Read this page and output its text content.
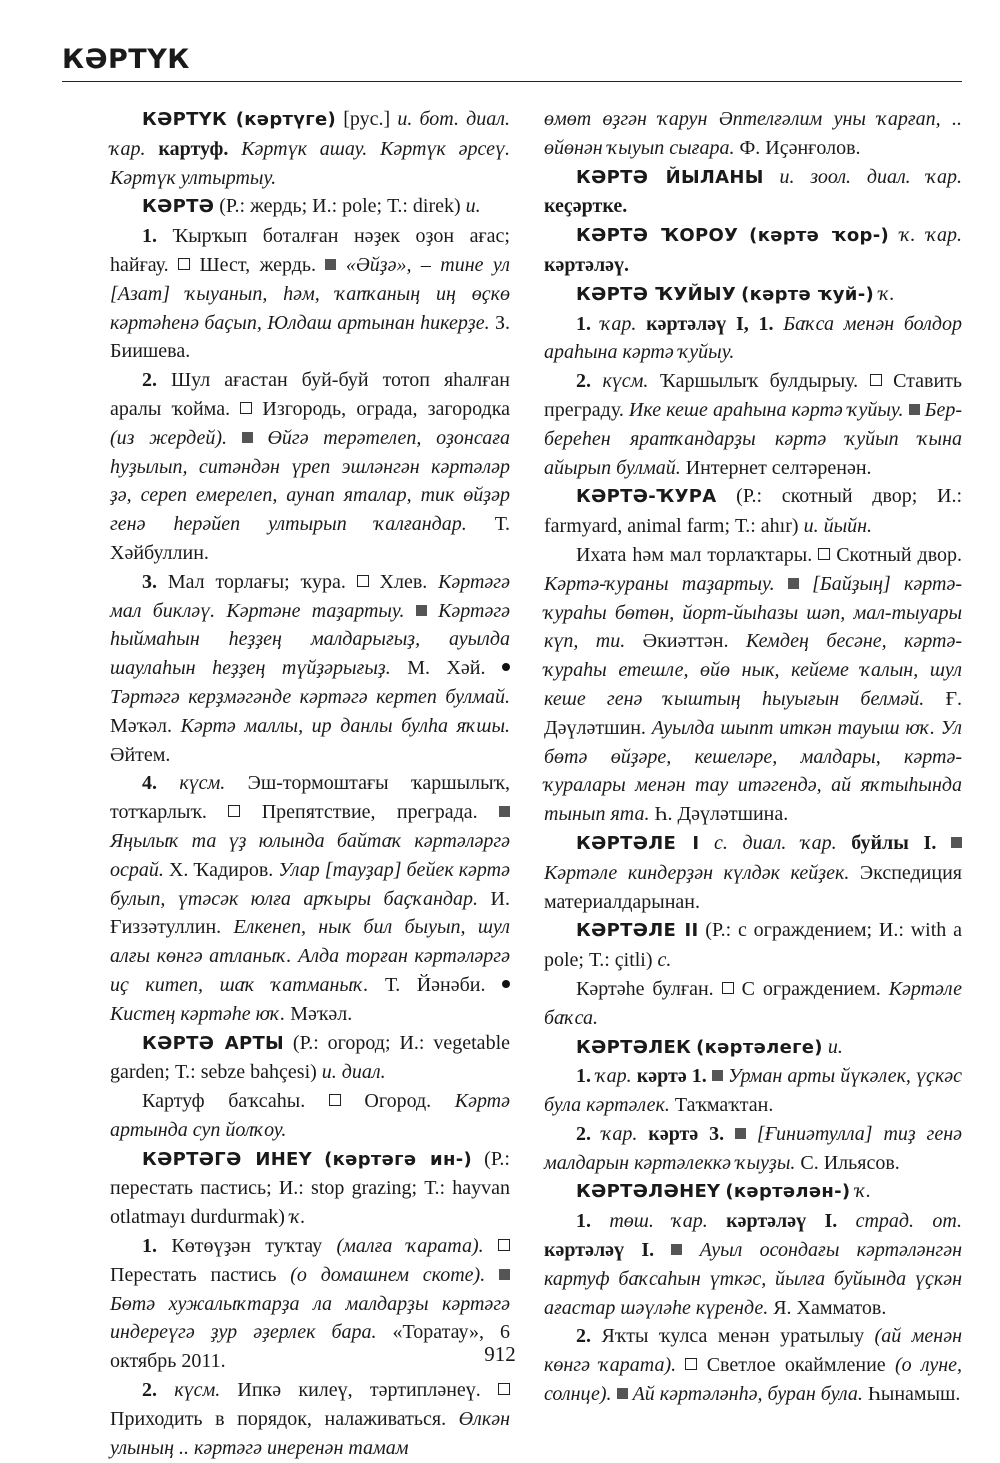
КӘРТҮК

КӘРТҮК (кәртүге) [рус.] и. бот. диал. ҡар. картуф. Кәртүк ашау. Кәртүк әрсеү. Кәртүк ултыртыу.

КӘРТӘ (Р.: жердь; И.: pole; Т.: direk) и.

1. Ҡырҡып боталған нәҙек оҙон ағас; һайғау.  Шест, жердь.  «Әйҙә», – тине ул [Азат] ҡыуанып, һәм, ҡапҡаның иң өҫкө кәртәһенә баҫып, Юлдаш артынан һикерҙе. З. Биишева.

2. Шул ағастан буй-буй тотоп яһалған аралы ҡойма.  Изгородь, ограда, загородка (из жердей). Өйгә терәтелеп, оҙонсаға һуҙылып, ситәндән үреп эшләнгән кәртәләр ҙә, сереп емерелеп, аунап яталар, тик өйҙәр генә һерәйеп ултырып ҡалғандар. Т. Хәйбуллин.

3. Мал торлағы; ҡура.  Хлев. Кәртәгә мал бикләү. Кәртәне таҙартыу. Кәртәгә һыймаһын һеҙҙең малдарығыҙ, ауылда шаулаһын һеҙҙең түйҙәрығыҙ. М. Хәй.  Тәртәгә керҙмәгәнде кәртәгә кертеп булмай. Мәҡәл. Кәртә маллы, ир данлы булһа яҡшы. Әйтем.

4. күсм. Эш-тормоштағы ҡаршылыҡ, тотҡарлыҡ.  Препятствие, преграда.  Яңылыҡ та үҙ юлында байтаҡ кәртәләргә осрай. Х. Ҡадиров. Улар [тауҙар] бейек кәртә булып, үтәсәк юлға арҡыры баҫҡандар. И. Ғиззәтуллин. Елкенеп, нык бил быуып, шул алғы көнгә атланыҡ. Алда торған кәртәләргә иҫ китеп, шаҡ ҡатманыҡ. Т. Йәнәби.  Кистең кәртәһе юҡ. Мәҡәл.

КӘРТӘ АРТЫ (Р.: огород; И.: vegetable garden; Т.: sebze bahçesi) и. диал.

Картуф баҡсаһы.  Огород. Кәртә артында суп йолҡоу.

КӘРТӘГӘ ИНЕҮ (кәртәгә ин-) (Р.: перестать пастись; И.: stop grazing; Т.: hayvan otlatmayı durdurmak) ҡ.

1. Көтөүҙән туҡтау (малға ҡарата).  Перестать пастись (о домашнем скоте).  Бөтә хужалыҡтарҙа ла малдарҙы кәртәгә индереүгә ҙур әҙерлек бара. «Торатау», 6 октябрь 2011.

2. күсм. Ипкә килеү, тәртипләнеү.  Приходить в порядок, налаживаться. Өлкән улының .. кәртәгә инеренән тамам

өмөт өҙгән ҡарун Әптелғәлим уны ҡарғап, .. өйөнән ҡыуып сығара. Ф. Иҫәнғолов.

КӘРТӘ ЙЫЛАНЫ и. зоол. диал. ҡар. кеҫәртке.

КӘРТӘ ҠОРОУ (кәртә ҡор-) ҡ. ҡар. кәртәләү.

КӘРТӘ ҠУЙЫУ (кәртә ҡуй-) ҡ.

1. ҡар. кәртәләү I, 1. Баҡса менән болдор араһына кәртә ҡуйыу.

2. күсм. Ҡаршылыҡ булдырыу.  Ставить преграду. Ике кеше араһына кәртә ҡуйыу. Бер-береһен яратҡандарҙы кәртә ҡуйып ҡына айырып булмай. Интернет селтәренән.

КӘРТӘ-ҠУРА (Р.: скотный двор; И.: farmyard, animal farm; Т.: ahır) и. йыйн.

Ихата һәм мал торлаҡтары.  Скотный двор. Кәртә-ҡураны таҙартыу. [Байҙың] кәртә-ҡураһы бөтөн, йорт-йыһазы шәп, мал-тыуары күп, ти. Әкиәттән. Кемдең бесәне, кәртә-ҡураһы етешле, өйө нык, кейеме ҡалын, шул кеше генә ҡыштың һыуығын белмәй. Ғ. Дәүләтшин. Ауылда шыпт иткән тауыш юҡ. Ул бөтә өйҙәре, кешеләре, малдары, кәртә-ҡуралары менән тау итәгендә, ай яҡтыһында тынып ята. Һ. Дәүләтшина.

КӘРТӘЛЕ I с. диал. ҡар. буйлы I.  Кәртәле киндерҙән күлдәк кейҙек. Экспедиция материалдарынан.

КӘРТӘЛЕ II (Р.: с ограждением; И.: with a pole; Т.: çitli) с.

Кәртәһе булған.  С ограждением. Кәртәле баҡса.

КӘРТӘЛЕК (кәртәлеге) и.

1. ҡар. кәртә 1. Урман арты йүкәлек, үҫкәс була кәртәлек. Таҡмаҡтан.

2. ҡар. кәртә 3. [Ғиниәтулла] тиҙ генә малдарын кәртәлеккә ҡыуҙы. С. Ильясов.

КӘРТӘЛӘНЕҮ (кәртәлән-) ҡ.

1. төш. ҡар. кәртәләү I. страд. от. кәртәләү I. Ауыл осондағы кәртәләнгән картуф баҡсаһын үткәс, йылға буйында үҫкән ағастар шәүләһе күренде. Я. Хамматов.

2. Яҡты ҡулса менән уратылыу (ай менән көнгә ҡарата). Светлое окаймление (о луне, солнце). Ай кәртәләнһә, буран була. Һынамыш.

912
